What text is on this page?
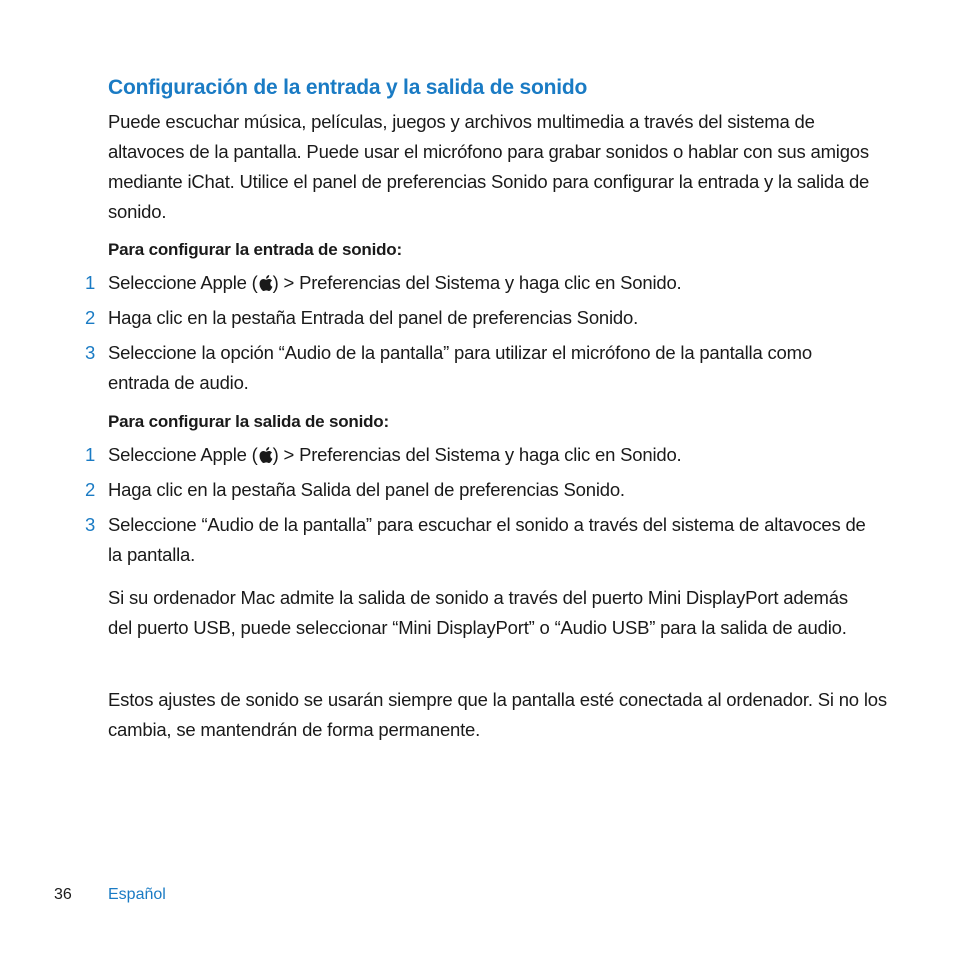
Configuración de la entrada y la salida de sonido
Puede escuchar música, películas, juegos y archivos multimedia a través del sistema de altavoces de la pantalla. Puede usar el micrófono para grabar sonidos o hablar con sus amigos mediante iChat. Utilice el panel de preferencias Sonido para configurar la entrada y la salida de sonido.
Para configurar la entrada de sonido:
1 Seleccione Apple ( ) > Preferencias del Sistema y haga clic en Sonido.
2 Haga clic en la pestaña Entrada del panel de preferencias Sonido.
3 Seleccione la opción “Audio de la pantalla” para utilizar el micrófono de la pantalla como entrada de audio.
Para configurar la salida de sonido:
1 Seleccione Apple ( ) > Preferencias del Sistema y haga clic en Sonido.
2 Haga clic en la pestaña Salida del panel de preferencias Sonido.
3 Seleccione “Audio de la pantalla” para escuchar el sonido a través del sistema de altavoces de la pantalla.
Si su ordenador Mac admite la salida de sonido a través del puerto Mini DisplayPort además del puerto USB, puede seleccionar “Mini DisplayPort” o “Audio USB” para la salida de audio.
Estos ajustes de sonido se usarán siempre que la pantalla esté conectada al ordenador. Si no los cambia, se mantendrán de forma permanente.
36 Español
